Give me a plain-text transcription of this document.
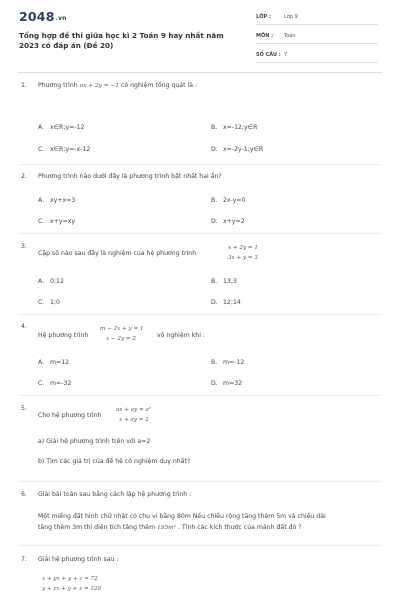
2048.vn
Tổng hợp đề thi giữa học kì 2 Toán 9 hay nhất năm 2023 có đáp án (Đề 20)
LỚP :	Lớp 9
MÔN : Toán
SỐ CÂU : 7
1. Phương trình ax + 2y = −1 có nghiệm tổng quát là :
A. x∈R;y=-12	B. x=-12;y∈R
C. x∈R;y=-x-12	D. x=-2y-1;y∈R
2. Phương trình nào dưới đây là phương trình bật nhất hai ẩn?
A. xy+x=3	B. 2x-y=0
C. x+y=xy	D. x+y=2
3.
Cặp số nào sau đây là nghiệm của hệ phương trình
x + 2y = 1
3x + y = 3
A. 0;12	B. 13;3
C. 1;0	D. 12;14
4.
Hệ phương trình
m − 2x + y = 1
x − 2y = 2	vô nghiệm khi :
A. m=12	B. m=-12
C. m=-32	D. m=32
5.
Cho hệ phương trình
ax + ay = a²
x + ay = 2
a) Giải hệ phương trình trên với a=2
b) Tìm các giá trị của để hệ có nghiệm duy nhất?
6. Giải bài toán sau bằng cách lập hệ phương trình :
Một miếng đất hình chữ nhật có chu vi bằng 80m Nếu chiều rộng tăng thêm 5m và chiều dài
tăng thêm 3m thì diện tích tăng thêm 195m² . Tính các kích thước của mảnh đất đó ?
7. Giải hệ phương trình sau :
x + yx + y + z = 72
y + zx + y + z = 120
